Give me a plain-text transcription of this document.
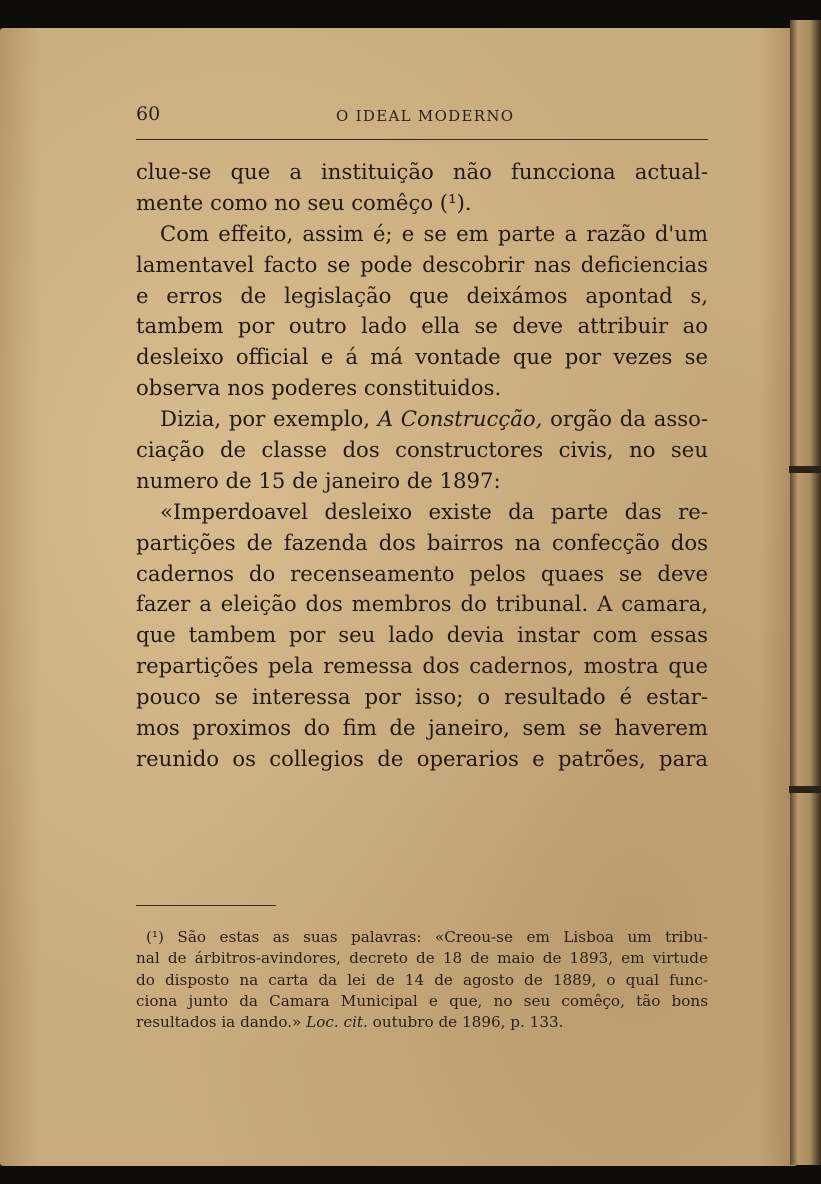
60	O IDEAL MODERNO
clue-se que a instituição não funcciona actual-
mente como no seu comêço (¹).
Com effeito, assim é; e se em parte a razão d'um
lamentavel facto se pode descobrir nas deficiencias
e erros de legislação que deixámos apontad s,
tambem por outro lado ella se deve attribuir ao
desleixo official e á má vontade que por vezes se
observa nos poderes constituidos.
Dizia, por exemplo, A Construcção, orgão da asso-
ciação de classe dos constructores civis, no seu
numero de 15 de janeiro de 1897:
«Imperdoavel desleixo existe da parte das re-
partições de fazenda dos bairros na confecção dos
cadernos do recenseamento pelos quaes se deve
fazer a eleição dos membros do tribunal. A camara,
que tambem por seu lado devia instar com essas
repartições pela remessa dos cadernos, mostra que
pouco se interessa por isso; o resultado é estar-
mos proximos do fim de janeiro, sem se haverem
reunido os collegios de operarios e patrões, para
(¹) São estas as suas palavras: «Creou-se em Lisboa um tribu-
nal de árbitros-avindores, decreto de 18 de maio de 1893, em virtude
do disposto na carta da lei de 14 de agosto de 1889, o qual func-
ciona junto da Camara Municipal e que, no seu comêço, tão bons
resultados ia dando.» Loc. cit. outubro de 1896, p. 133.
